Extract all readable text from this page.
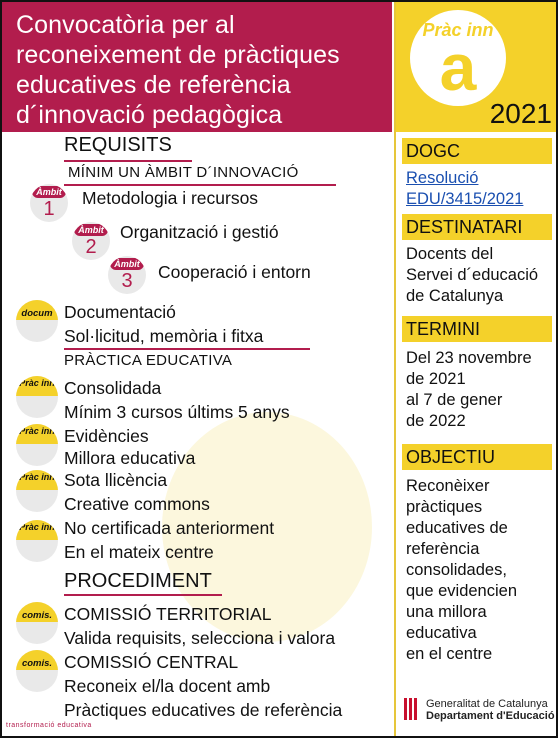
Convocatòria per al
reconeixement de pràctiques
educatives de referència
d´innovació pedagògica
REQUISITS
MÍNIM UN ÀMBIT D´INNOVACIÓ
Àmbit
1	Metodologia i recursos
Àmbit
2
Organització i gestió
Àmbit
3	Cooperació i entorn
docum Documentació
Sol·licitud, memòria i fitxa
PRÀCTICA EDUCATIVA
Pràc inn Consolidada
Mínim 3 cursos últims 5 anys
Pràc inn Evidències
Millora educativa
Pràc inn Sota llicència
Creative commons
Pràc inn No certificada anteriorment
En el mateix centre
PROCEDIMENT
comis. COMISSIÓ TERRITORIAL
Valida requisits, selecciona i valora
comis. COMISSIÓ CENTRAL
Reconeix el/la docent amb
Pràctiques educatives de referència
transformació educativa
Pràc inn
a
2021
DOGC
Resolució
EDU/3415/2021
DESTINATARI
Docents del
Servei d´educació
de Catalunya
TERMINI
Del 23 novembre
de 2021
al 7 de gener
de 2022
OBJECTIU
Reconèixer
pràctiques
educatives de
referència
consolidades,
que evidencien
una millora
educativa
en el centre
Generalitat de Catalunya
Departament d'Educació
